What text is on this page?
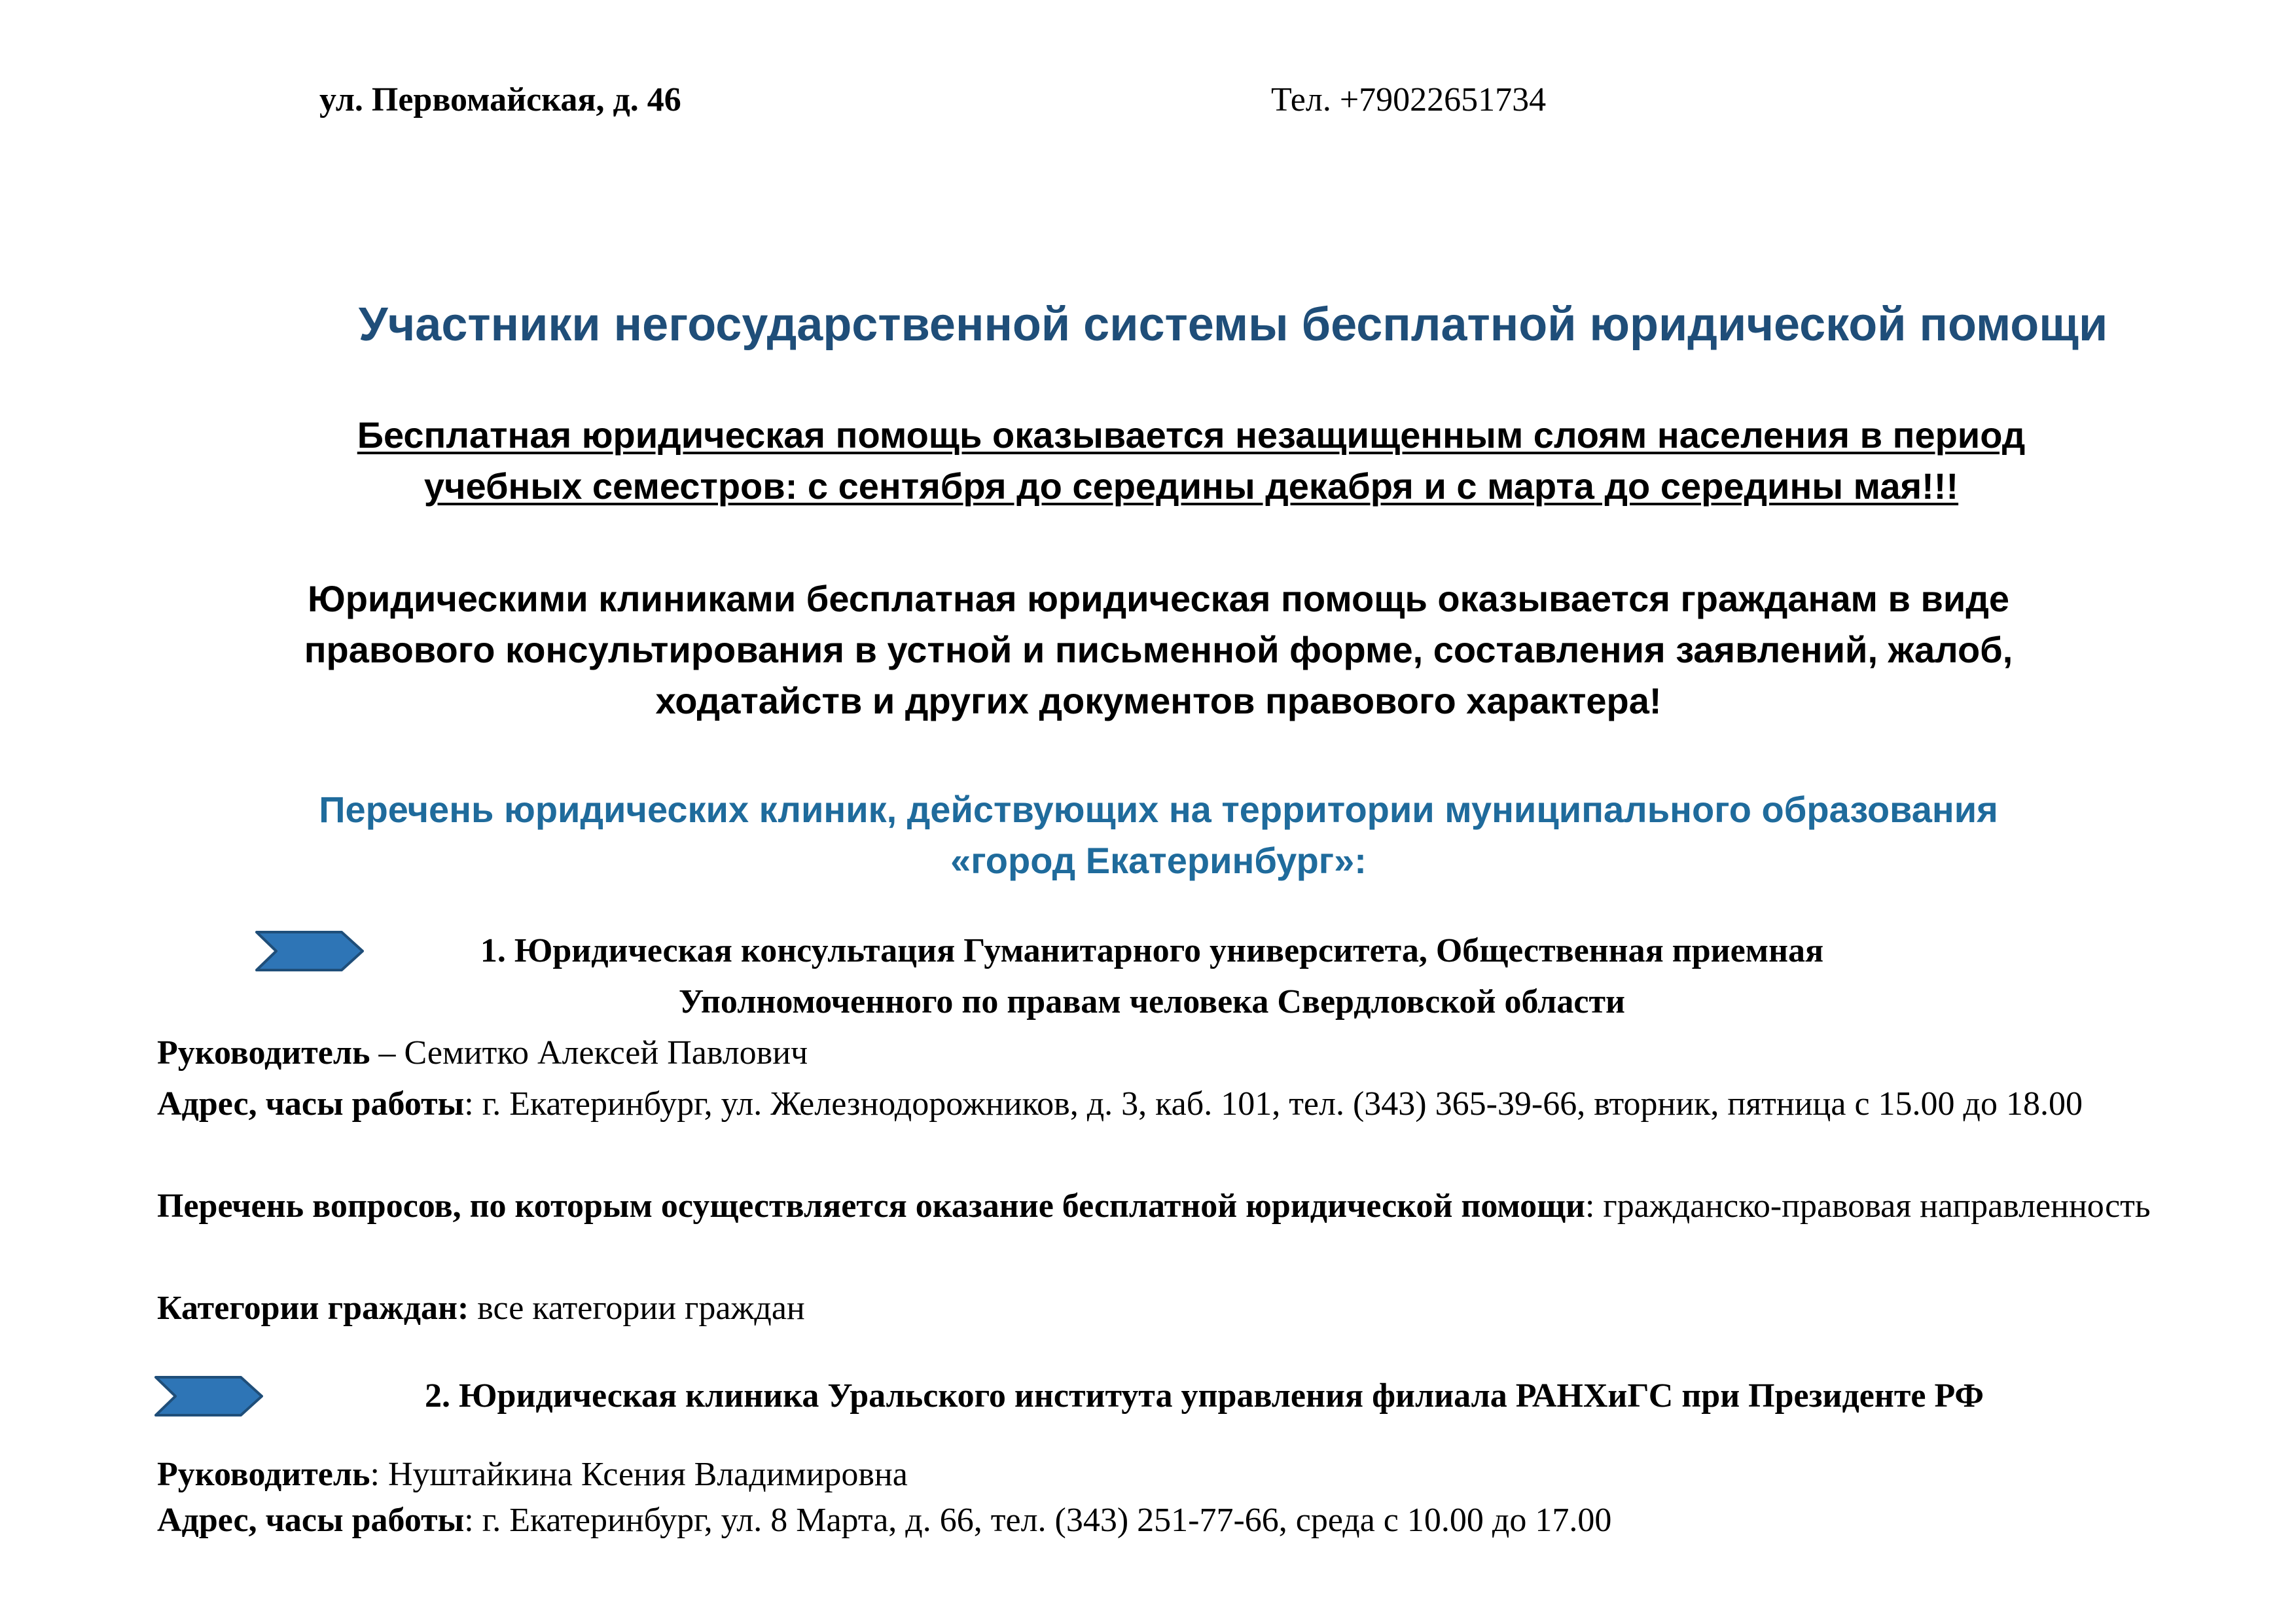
ул. Первомайская, д. 46	Тел. +79022651734
Участники негосударственной системы бесплатной юридической помощи
Бесплатная юридическая помощь оказывается незащищенным слоям населения в период
учебных семестров: с сентября до середины декабря и с марта до середины мая!!!
Юридическими клиниками бесплатная юридическая помощь оказывается гражданам в виде
правового консультирования в устной и письменной форме, составления заявлений, жалоб,
ходатайств и других документов правового характера!
Перечень юридических клиник, действующих на территории муниципального образования
«город Екатеринбург»:
1. Юридическая консультация Гуманитарного университета, Общественная приемная
Уполномоченного по правам человека Свердловской области
Руководитель – Семитко Алексей Павлович
Адрес, часы работы: г. Екатеринбург, ул. Железнодорожников, д. 3, каб. 101, тел. (343) 365-39-66, вторник, пятница с 15.00 до 18.00
Перечень вопросов, по которым осуществляется оказание бесплатной юридической помощи: гражданско-правовая направленность
Категории граждан: все категории граждан
2. Юридическая клиника Уральского института управления филиала РАНХиГС при Президенте РФ
Руководитель: Нуштайкина Ксения Владимировна
Адрес, часы работы: г. Екатеринбург, ул. 8 Марта, д. 66, тел. (343) 251-77-66, среда с 10.00 до 17.00
